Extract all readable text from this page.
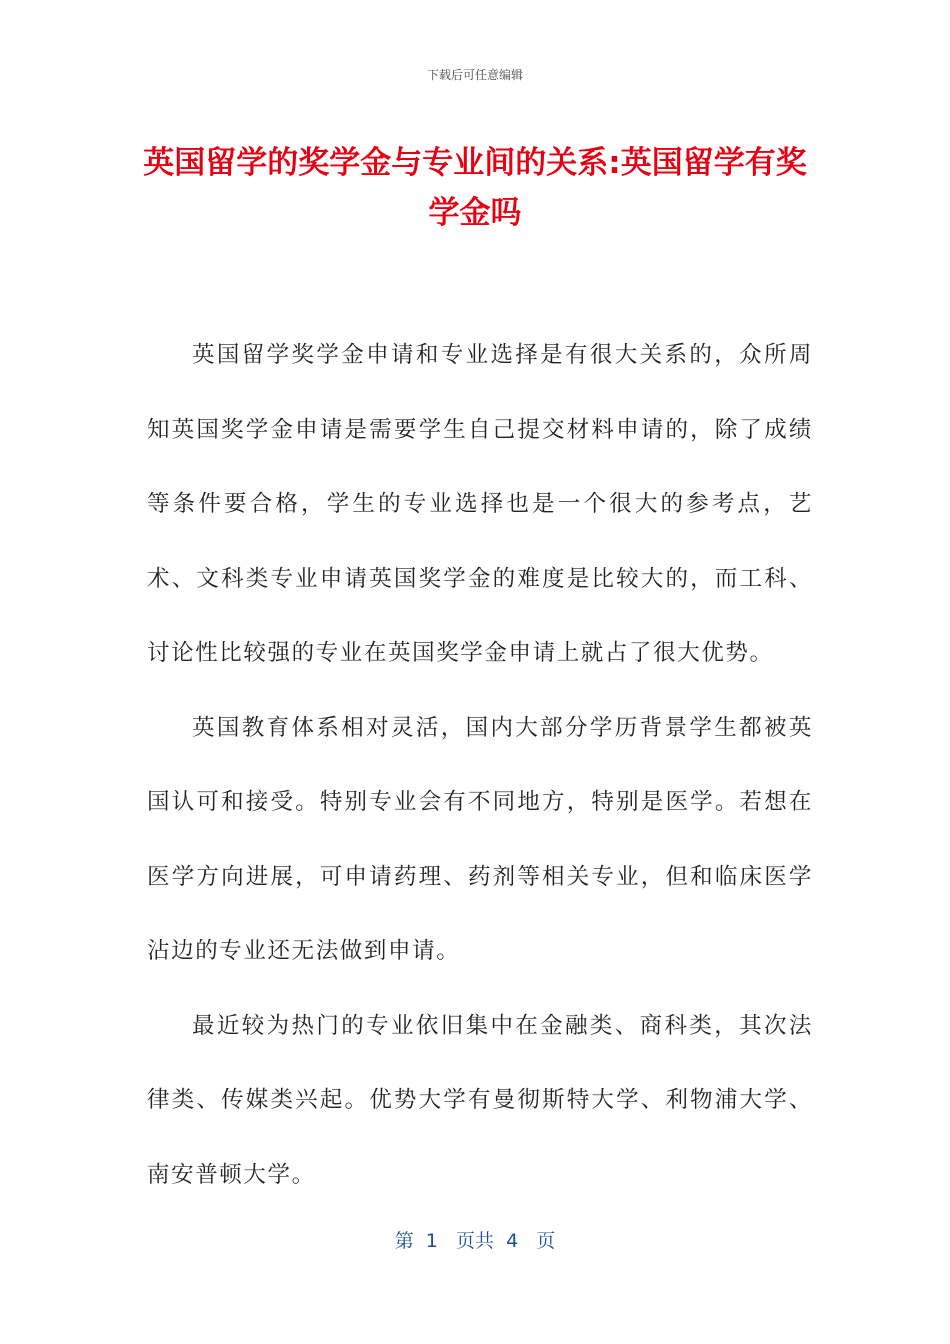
下载后可任意编辑
英国留学的奖学金与专业间的关系:英国留学有奖学金吗

英国留学奖学金申请和专业选择是有很大关系的，众所周知英国奖学金申请是需要学生自己提交材料申请的，除了成绩等条件要合格，学生的专业选择也是一个很大的参考点，艺术、文科类专业申请英国奖学金的难度是比较大的，而工科、讨论性比较强的专业在英国奖学金申请上就占了很大优势。

英国教育体系相对灵活，国内大部分学历背景学生都被英国认可和接受。特别专业会有不同地方，特别是医学。若想在医学方向进展，可申请药理、药剂等相关专业，但和临床医学沾边的专业还无法做到申请。

最近较为热门的专业依旧集中在金融类、商科类，其次法律类、传媒类兴起。优势大学有曼彻斯特大学、利物浦大学、南安普顿大学。

第  1   页共  4   页
